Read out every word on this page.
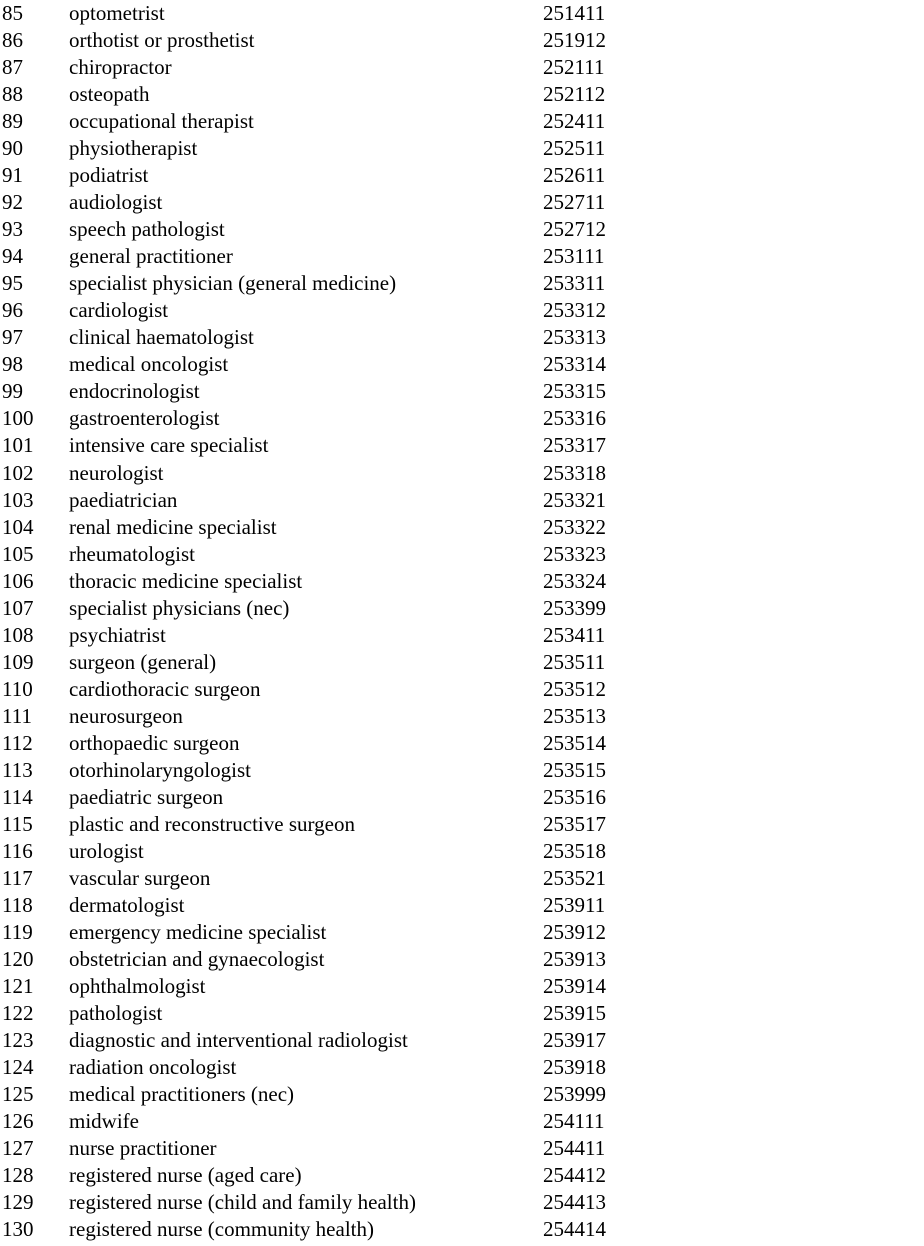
85 optometrist	251411
86 orthotist or prosthetist	251912
87 chiropractor	252111
88 osteopath	252112
89 occupational therapist	252411
90 physiotherapist	252511
91 podiatrist	252611
92 audiologist	252711
93 speech pathologist	252712
94 general practitioner	253111
95 specialist physician (general medicine)	253311
96 cardiologist	253312
97 clinical haematologist	253313
98 medical oncologist	253314
99 endocrinologist	253315
100 gastroenterologist	253316
101 intensive care specialist	253317
102 neurologist	253318
103 paediatrician	253321
104 renal medicine specialist	253322
105 rheumatologist	253323
106 thoracic medicine specialist	253324
107 specialist physicians (nec)	253399
108 psychiatrist	253411
109 surgeon (general)	253511
110 cardiothoracic surgeon	253512
111 neurosurgeon	253513
112 orthopaedic surgeon	253514
113 otorhinolaryngologist	253515
114 paediatric surgeon	253516
115 plastic and reconstructive surgeon	253517
116 urologist	253518
117 vascular surgeon	253521
118 dermatologist	253911
119 emergency medicine specialist	253912
120 obstetrician and gynaecologist	253913
121 ophthalmologist	253914
122 pathologist	253915
123 diagnostic and interventional radiologist	253917
124 radiation oncologist	253918
125 medical practitioners (nec)	253999
126 midwife	254111
127 nurse practitioner	254411
128 registered nurse (aged care)	254412
129 registered nurse (child and family health)	254413
130 registered nurse (community health)	254414
